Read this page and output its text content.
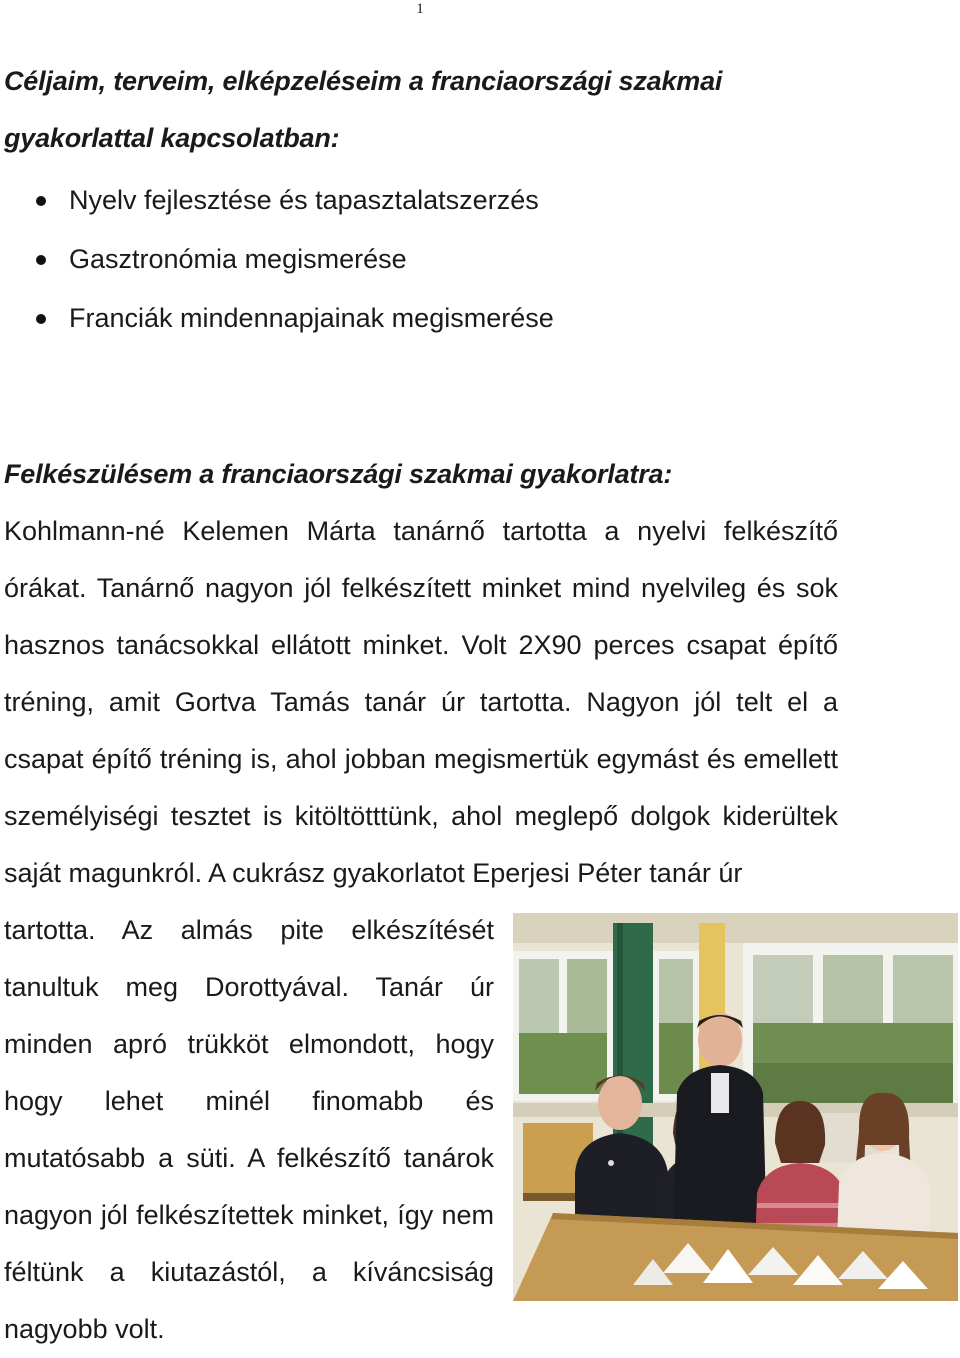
1

Céljaim, terveim, elképzeléseim a franciaországi szakmai

gyakorlattal kapcsolatban:

Nyelv fejlesztése és tapasztalatszerzés
Gasztronómia megismerése
Franciák mindennapjainak megismerése

Felkészülésem a franciaországi szakmai gyakorlatra:

Kohlmann-né Kelemen Márta tanárnő tartotta a nyelvi felkészítő órákat. Tanárnő nagyon jól felkészített minket mind nyelvileg és sok hasznos tanácsokkal ellátott minket. Volt 2X90 perces csapat építő tréning, amit Gortva Tamás tanár úr tartotta. Nagyon jól telt el a csapat építő tréning is, ahol jobban megismertük egymást és emellett személyiségi tesztet is kitöltötttünk, ahol meglepő dolgok kiderültek saját magunkról. A cukrász gyakorlatot Eperjesi Péter tanár úr

tartotta. Az almás pite elkészítését
tanultuk meg Dorottyával. Tanár úr
minden apró trükköt elmondott, hogy
hogy lehet minél finomabb és
mutatósabb a süti. A felkészítő tanárok
nagyon jól felkészítettek minket, így nem
féltünk a kiutazástól, a kíváncsiság
nagyobb volt.
